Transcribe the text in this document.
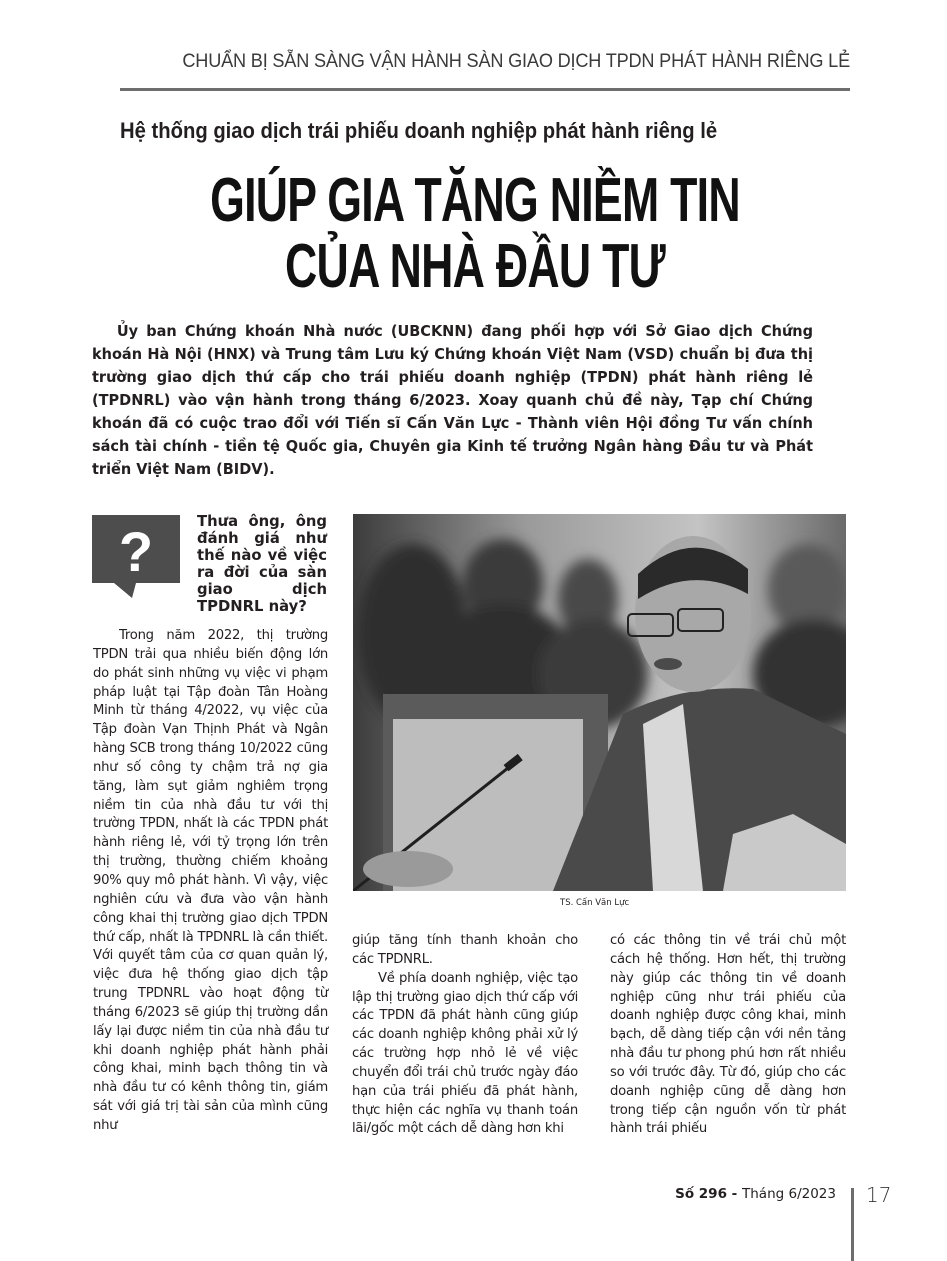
CHUẨN BỊ SẴN SÀNG VẬN HÀNH SÀN GIAO DỊCH TPDN PHÁT HÀNH RIÊNG LẺ
Hệ thống giao dịch trái phiếu doanh nghiệp phát hành riêng lẻ
GIÚP GIA TĂNG NIỀM TIN
CỦA NHÀ ĐẦU TƯ
Ủy ban Chứng khoán Nhà nước (UBCKNN) đang phối hợp với Sở Giao dịch Chứng khoán Hà Nội (HNX) và Trung tâm Lưu ký Chứng khoán Việt Nam (VSD) chuẩn bị đưa thị trường giao dịch thứ cấp cho trái phiếu doanh nghiệp (TPDN) phát hành riêng lẻ (TPDNRL) vào vận hành trong tháng 6/2023. Xoay quanh chủ đề này, Tạp chí Chứng khoán đã có cuộc trao đổi với Tiến sĩ Cấn Văn Lực - Thành viên Hội đồng Tư vấn chính sách tài chính - tiền tệ Quốc gia, Chuyên gia Kinh tế trưởng Ngân hàng Đầu tư và Phát triển Việt Nam (BIDV).
?	Thưa ông, ông đánh giá như thế nào về việc ra đời của sàn giao dịch TPDNRL này?

Trong năm 2022, thị trường TPDN trải qua nhiều biến động lớn do phát sinh những vụ việc vi phạm pháp luật tại Tập đoàn Tân Hoàng Minh từ tháng 4/2022, vụ việc của Tập đoàn Vạn Thịnh Phát và Ngân hàng SCB trong tháng 10/2022 cũng như số công ty chậm trả nợ gia tăng, làm sụt giảm nghiêm trọng niềm tin của nhà đầu tư với thị trường TPDN, nhất là các TPDN phát hành riêng lẻ, với tỷ trọng lớn trên thị trường, thường chiếm khoảng 90% quy mô phát hành. Vì vậy, việc nghiên cứu và đưa vào vận hành công khai thị trường giao dịch TPDN thứ cấp, nhất là TPDNRL là cần thiết. Với quyết tâm của cơ quan quản lý, việc đưa hệ thống giao dịch tập trung TPDNRL vào hoạt động từ tháng 6/2023 sẽ giúp thị trường dần lấy lại được niềm tin của nhà đầu tư khi doanh nghiệp phát hành phải công khai, minh bạch thông tin và nhà đầu tư có kênh thông tin, giám sát với giá trị tài sản của mình cũng như

TS. Cấn Văn Lực

giúp tăng tính thanh khoản cho các TPDNRL.

Về phía doanh nghiệp, việc tạo lập thị trường giao dịch thứ cấp với các TPDN đã phát hành cũng giúp các doanh nghiệp không phải xử lý các trường hợp nhỏ lẻ về việc chuyển đổi trái chủ trước ngày đáo hạn của trái phiếu đã phát hành, thực hiện các nghĩa vụ thanh toán lãi/gốc một cách dễ dàng hơn khi

có các thông tin về trái chủ một cách hệ thống. Hơn hết, thị trường này giúp các thông tin về doanh nghiệp cũng như trái phiếu của doanh nghiệp được công khai, minh bạch, dễ dàng tiếp cận với nền tảng nhà đầu tư phong phú hơn rất nhiều so với trước đây. Từ đó, giúp cho các doanh nghiệp cũng dễ dàng hơn trong tiếp cận nguồn vốn từ phát hành trái phiếu

Số 296 - Tháng 6/2023 17
